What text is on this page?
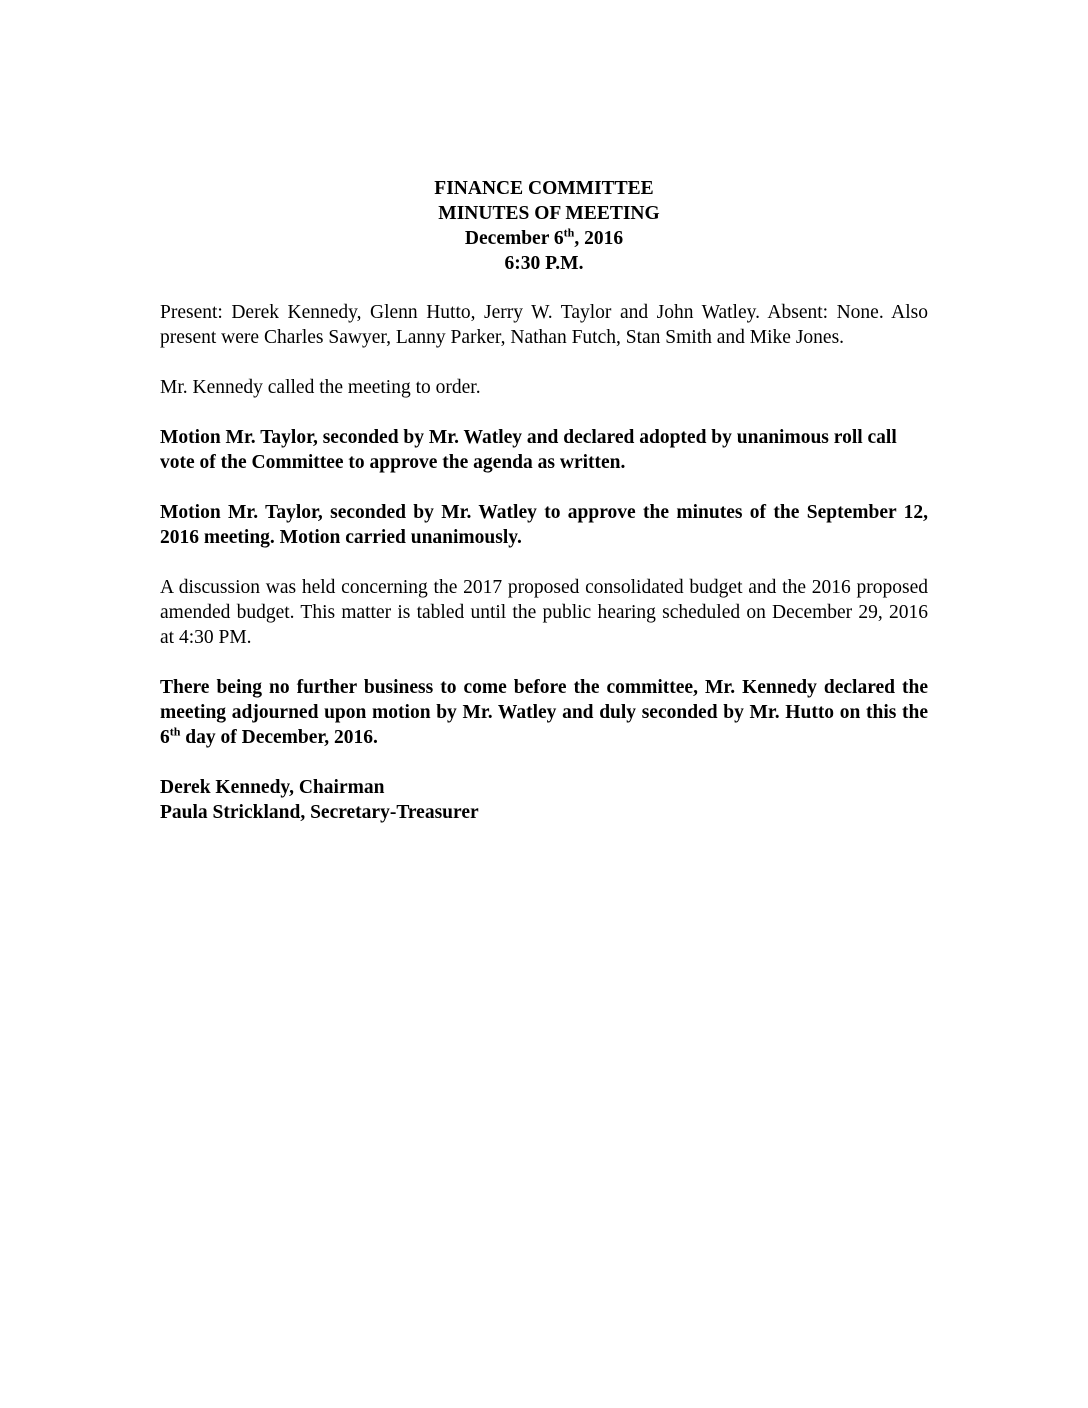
FINANCE COMMITTEE
MINUTES OF MEETING
December 6th, 2016
6:30 P.M.

Present: Derek Kennedy, Glenn Hutto, Jerry W. Taylor and John Watley. Absent: None. Also present were Charles Sawyer, Lanny Parker, Nathan Futch, Stan Smith and Mike Jones.

Mr. Kennedy called the meeting to order.

Motion Mr. Taylor, seconded by Mr. Watley and declared adopted by unanimous roll call vote of the Committee to approve the agenda as written.

Motion Mr. Taylor, seconded by Mr. Watley to approve the minutes of the September 12, 2016 meeting. Motion carried unanimously.

A discussion was held concerning the 2017 proposed consolidated budget and the 2016 proposed amended budget. This matter is tabled until the public hearing scheduled on December 29, 2016 at 4:30 PM.

There being no further business to come before the committee, Mr. Kennedy declared the meeting adjourned upon motion by Mr. Watley and duly seconded by Mr. Hutto on this the 6th day of December, 2016.

Derek Kennedy, Chairman

Paula Strickland, Secretary-Treasurer
